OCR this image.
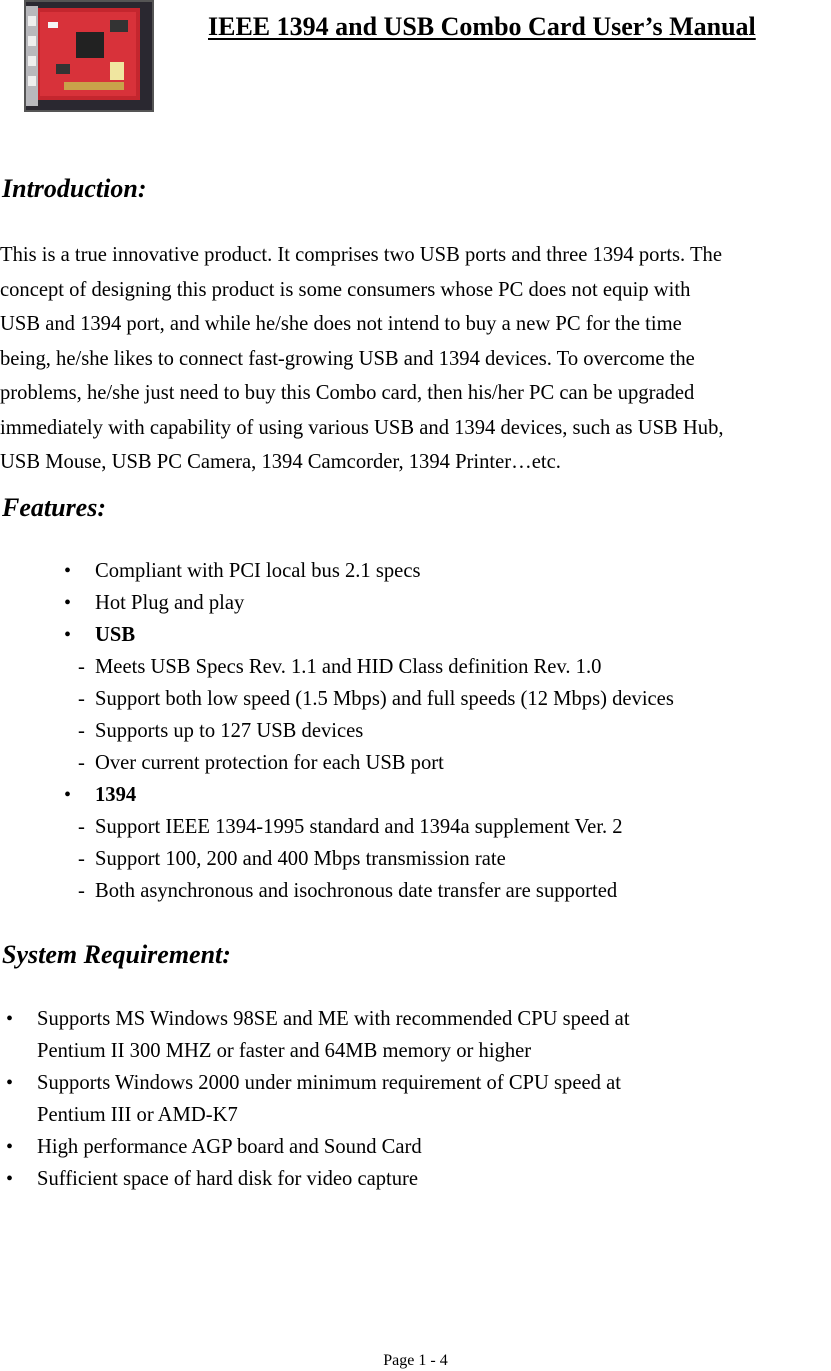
IEEE 1394 and USB Combo Card User’s Manual
Introduction:
This is a true innovative product. It comprises two USB ports and three 1394 ports. The
concept of designing this product is some consumers whose PC does not equip with
USB and 1394 port, and while he/she does not intend to buy a new PC for the time
being, he/she likes to connect fast-growing USB and 1394 devices. To overcome the
problems, he/she just need to buy this Combo card, then his/her PC can be upgraded
immediately with capability of using various USB and 1394 devices, such as USB Hub,
USB Mouse, USB PC Camera, 1394 Camcorder, 1394 Printer…etc.
Features:
• Compliant with PCI local bus 2.1 specs
• Hot Plug and play
• USB
- Meets USB Specs Rev. 1.1 and HID Class definition Rev. 1.0
- Support both low speed (1.5 Mbps) and full speeds (12 Mbps) devices
- Supports up to 127 USB devices
- Over current protection for each USB port
• 1394
- Support IEEE 1394-1995 standard and 1394a supplement Ver. 2
- Support 100, 200 and 400 Mbps transmission rate
- Both asynchronous and isochronous date transfer are supported
System Requirement:
• Supports MS Windows 98SE and ME with recommended CPU speed at
Pentium II 300 MHZ or faster and 64MB memory or higher
• Supports Windows 2000 under minimum requirement of CPU speed at
Pentium III or AMD-K7
• High performance AGP board and Sound Card
• Sufficient space of hard disk for video capture
Page 1 - 4
